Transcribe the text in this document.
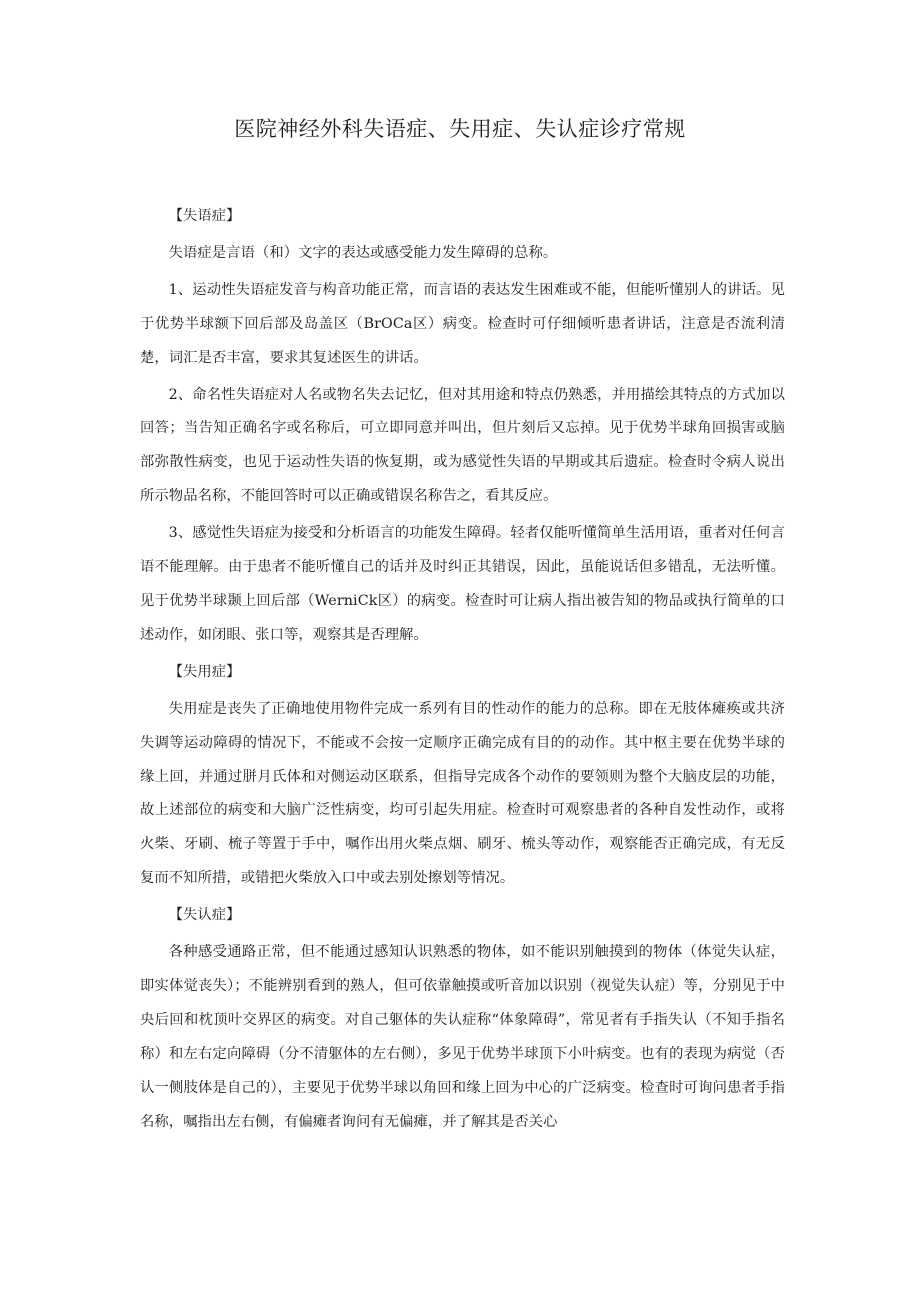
医院神经外科失语症、失用症、失认症诊疗常规

【失语症】

失语症是言语（和）文字的表达或感受能力发生障碍的总称。

1、运动性失语症发音与构音功能正常，而言语的表达发生困难或不能，但能听懂别人的讲话。见于优势半球额下回后部及岛盖区（BrOCa区）病变。检查时可仔细倾听患者讲话，注意是否流利清楚，词汇是否丰富，要求其复述医生的讲话。

2、命名性失语症对人名或物名失去记忆，但对其用途和特点仍熟悉，并用描绘其特点的方式加以回答；当告知正确名字或名称后，可立即同意并叫出，但片刻后又忘掉。见于优势半球角回损害或脑部弥散性病变，也见于运动性失语的恢复期，或为感觉性失语的早期或其后遗症。检查时令病人说出所示物品名称，不能回答时可以正确或错误名称告之，看其反应。

3、感觉性失语症为接受和分析语言的功能发生障碍。轻者仅能听懂简单生活用语，重者对任何言语不能理解。由于患者不能听懂自己的话并及时纠正其错误，因此，虽能说话但多错乱，无法听懂。见于优势半球颞上回后部（WerniCk区）的病变。检查时可让病人指出被告知的物品或执行简单的口述动作，如闭眼、张口等，观察其是否理解。

【失用症】

失用症是丧失了正确地使用物件完成一系列有目的性动作的能力的总称。即在无肢体瘫痪或共济失调等运动障碍的情况下，不能或不会按一定顺序正确完成有目的的动作。其中枢主要在优势半球的缘上回，并通过胼月氏体和对侧运动区联系，但指导完成各个动作的要领则为整个大脑皮层的功能，故上述部位的病变和大脑广泛性病变，均可引起失用症。检查时可观察患者的各种自发性动作，或将火柴、牙刷、梳子等置于手中，嘱作出用火柴点烟、刷牙、梳头等动作，观察能否正确完成，有无反复而不知所措，或错把火柴放入口中或去别处擦划等情况。

【失认症】

各种感受通路正常，但不能通过感知认识熟悉的物体，如不能识别触摸到的物体（体觉失认症，即实体觉丧失）；不能辨别看到的熟人，但可依靠触摸或听音加以识别（视觉失认症）等，分别见于中央后回和枕顶叶交界区的病变。对自己躯体的失认症称“体象障碍”，常见者有手指失认（不知手指名称）和左右定向障碍（分不清躯体的左右侧），多见于优势半球顶下小叶病变。也有的表现为病觉（否认一侧肢体是自己的），主要见于优势半球以角回和缘上回为中心的广泛病变。检查时可询问患者手指名称，嘱指出左右侧，有偏瘫者询问有无偏瘫，并了解其是否关心
